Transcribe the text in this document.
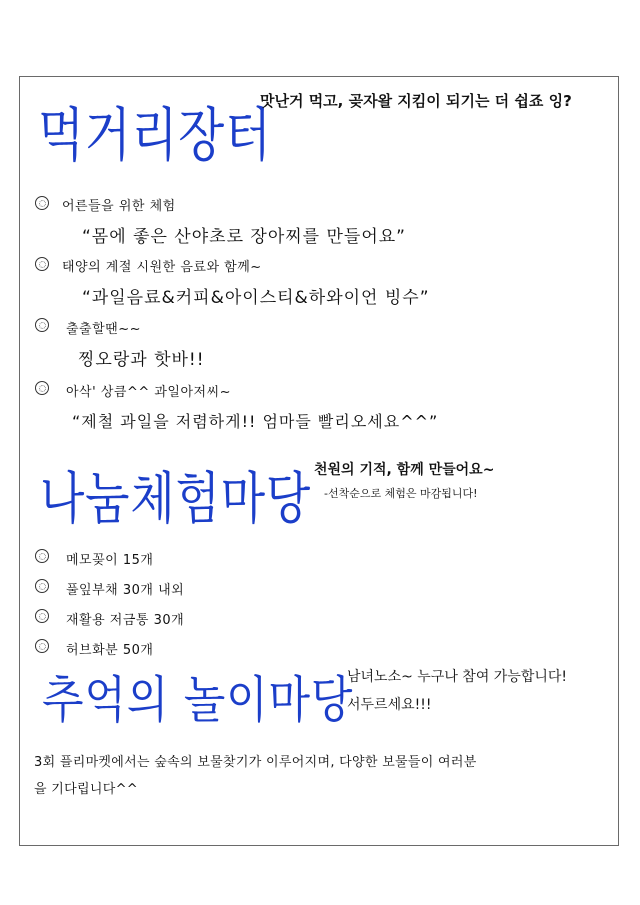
먹거리장터
맛난거 먹고, 곶자왈 지킴이 되기는 더 쉽죠 잉?
어른들을 위한 체험
“몸에 좋은 산야초로 장아찌를 만들어요”
태양의 계절 시원한 음료와 함께~
“과일음료&커피&아이스티&하와이언 빙수”
출출할땐~~
찡오랑과 핫바!!
아삭' 상큼^^ 과일아저씨~
“제철 과일을 저렴하게!! 엄마들 빨리오세요^^”
나눔체험마당 천원의 기적, 함께 만들어요~
-선착순으로 체험은 마감됩니다!
메모꽂이 15개
풀잎부채 30개 내외
재활용 저금통 30개
허브화분 50개
추억의 놀이마당
남녀노소~ 누구나 참여 가능합니다!
서두르세요!!!
3회 플리마켓에서는 숲속의 보물찾기가 이루어지며, 다양한 보물들이 여러분
을 기다립니다^^
